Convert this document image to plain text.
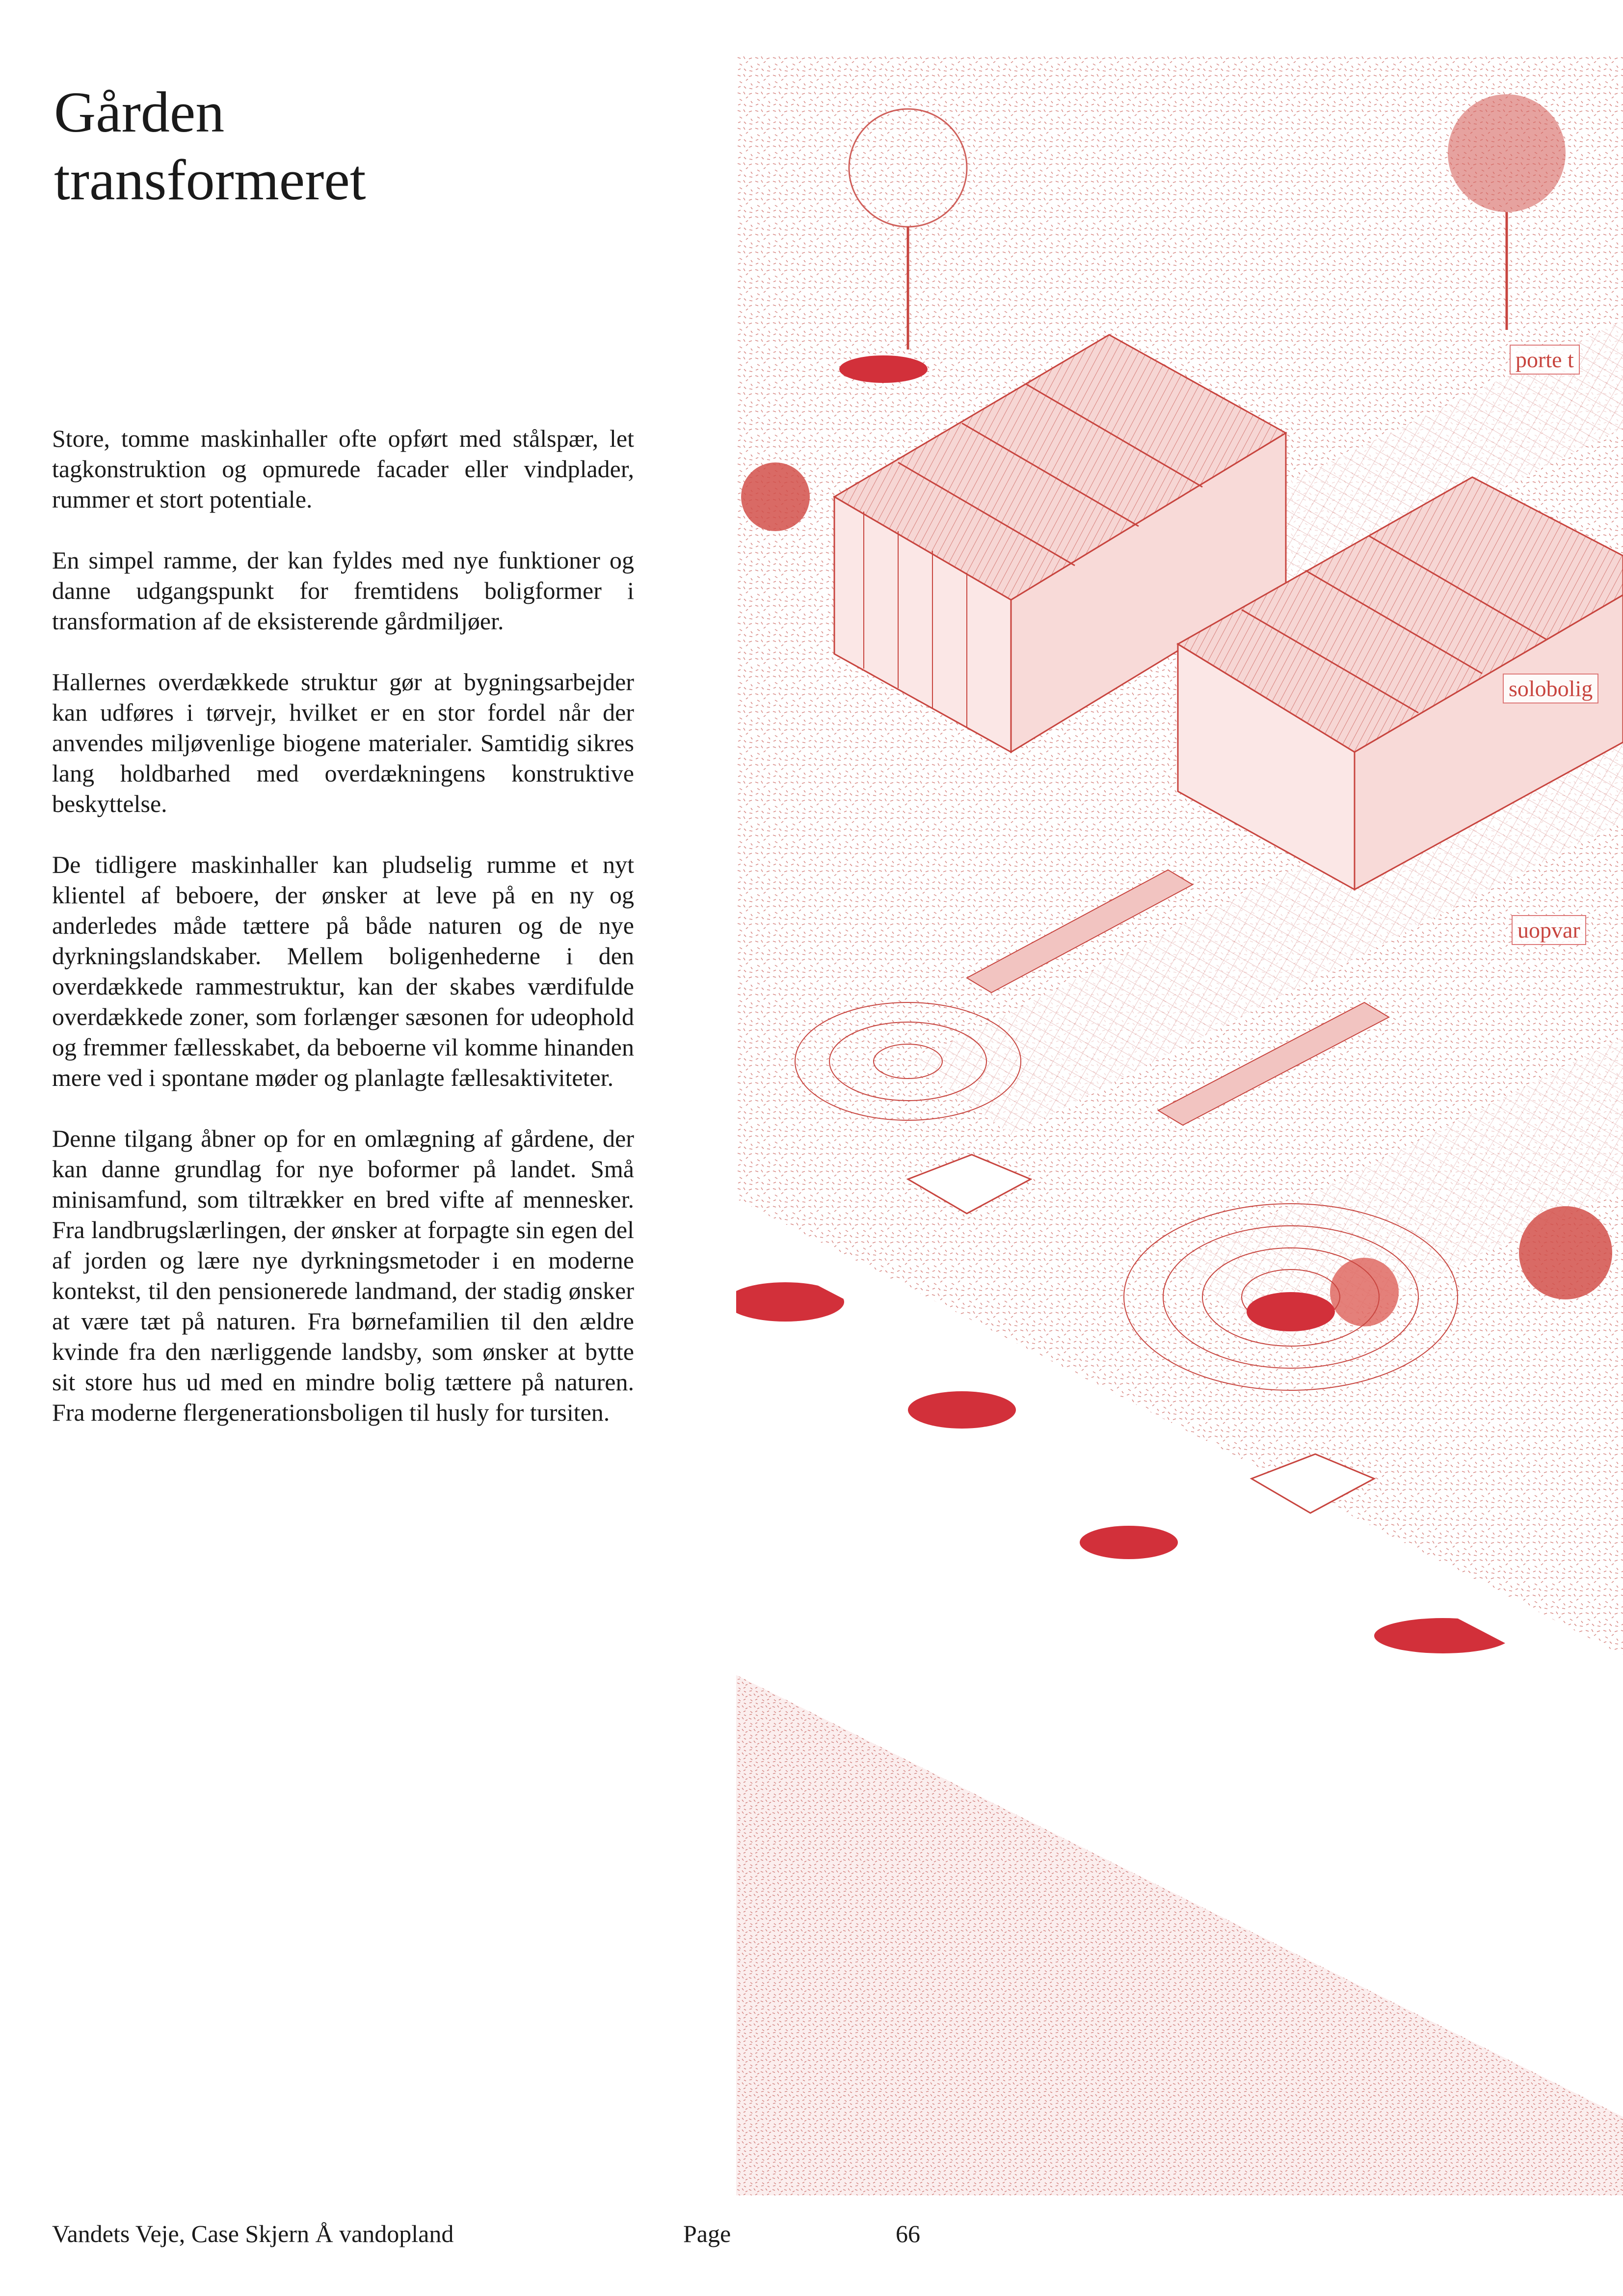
Gården
transformeret

Store, tomme maskinhaller ofte opført med stålspær, let tagkonstruktion og opmurede facader eller vindplader, rummer et stort potentiale.

En simpel ramme, der kan fyldes med nye funktioner og danne udgangspunkt for fremtidens boligformer i transformation af de eksisterende gårdmiljøer.

Hallernes overdækkede struktur gør at bygningsarbejder kan udføres i tørvejr, hvilket er en stor fordel når der anvendes miljøvenlige biogene materialer. Samtidig sikres lang holdbarhed med overdækningens konstruktive beskyttelse.

De tidligere maskinhaller kan pludselig rumme et nyt klientel af beboere, der ønsker at leve på en ny og anderledes måde tættere på både naturen og de nye dyrkningslandskaber. Mellem boligenhederne i den overdækkede rammestruktur, kan der skabes værdifulde overdækkede zoner, som forlænger sæsonen for udeophold og fremmer fællesskabet, da beboerne vil komme hinanden mere ved i spontane møder og planlagte fællesaktiviteter.

Denne tilgang åbner op for en omlægning af gårdene, der kan danne grundlag for nye boformer på landet. Små minisamfund, som tiltrækker en bred vifte af mennesker. Fra landbrugslærlingen, der ønsker at forpagte sin egen del af jorden og lære nye dyrkningsmetoder i en moderne kontekst, til den pensionerede landmand, der stadig ønsker at være tæt på naturen. Fra børnefamilien til den ældre kvinde fra den nærliggende landsby, som ønsker at bytte sit store hus ud med en mindre bolig tættere på naturen. Fra moderne flergenerationsboligen til husly for tursiten.

porte t
solobolig
uopvar
Vandets Veje, Case Skjern Å vandopland	Page	66
